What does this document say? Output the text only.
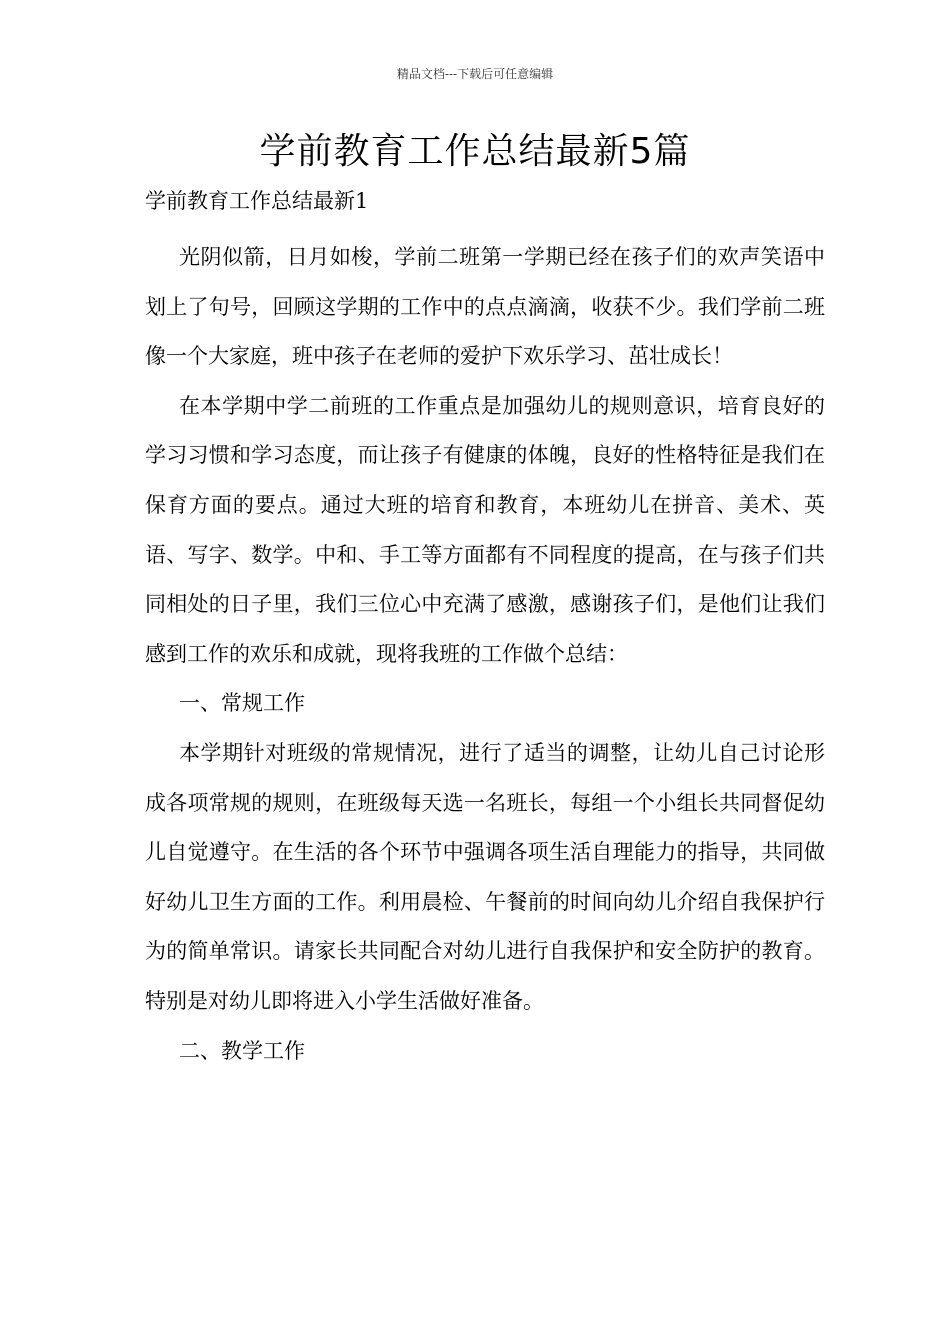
精品文档---下载后可任意编辑
学前教育工作总结最新5篇
学前教育工作总结最新1

光阴似箭，日月如梭，学前二班第一学期已经在孩子们的欢声笑语中划上了句号，回顾这学期的工作中的点点滴滴，收获不少。我们学前二班像一个大家庭，班中孩子在老师的爱护下欢乐学习、茁壮成长！

在本学期中学二前班的工作重点是加强幼儿的规则意识，培育良好的学习习惯和学习态度，而让孩子有健康的体魄，良好的性格特征是我们在保育方面的要点。通过大班的培育和教育，本班幼儿在拼音、美术、英语、写字、数学。中和、手工等方面都有不同程度的提高，在与孩子们共同相处的日子里，我们三位心中充满了感激，感谢孩子们，是他们让我们感到工作的欢乐和成就，现将我班的工作做个总结：

一、常规工作

本学期针对班级的常规情况，进行了适当的调整，让幼儿自己讨论形成各项常规的规则，在班级每天选一名班长，每组一个小组长共同督促幼儿自觉遵守。在生活的各个环节中强调各项生活自理能力的指导，共同做好幼儿卫生方面的工作。利用晨检、午餐前的时间向幼儿介绍自我保护行为的简单常识。请家长共同配合对幼儿进行自我保护和安全防护的教育。特别是对幼儿即将进入小学生活做好准备。

二、教学工作
